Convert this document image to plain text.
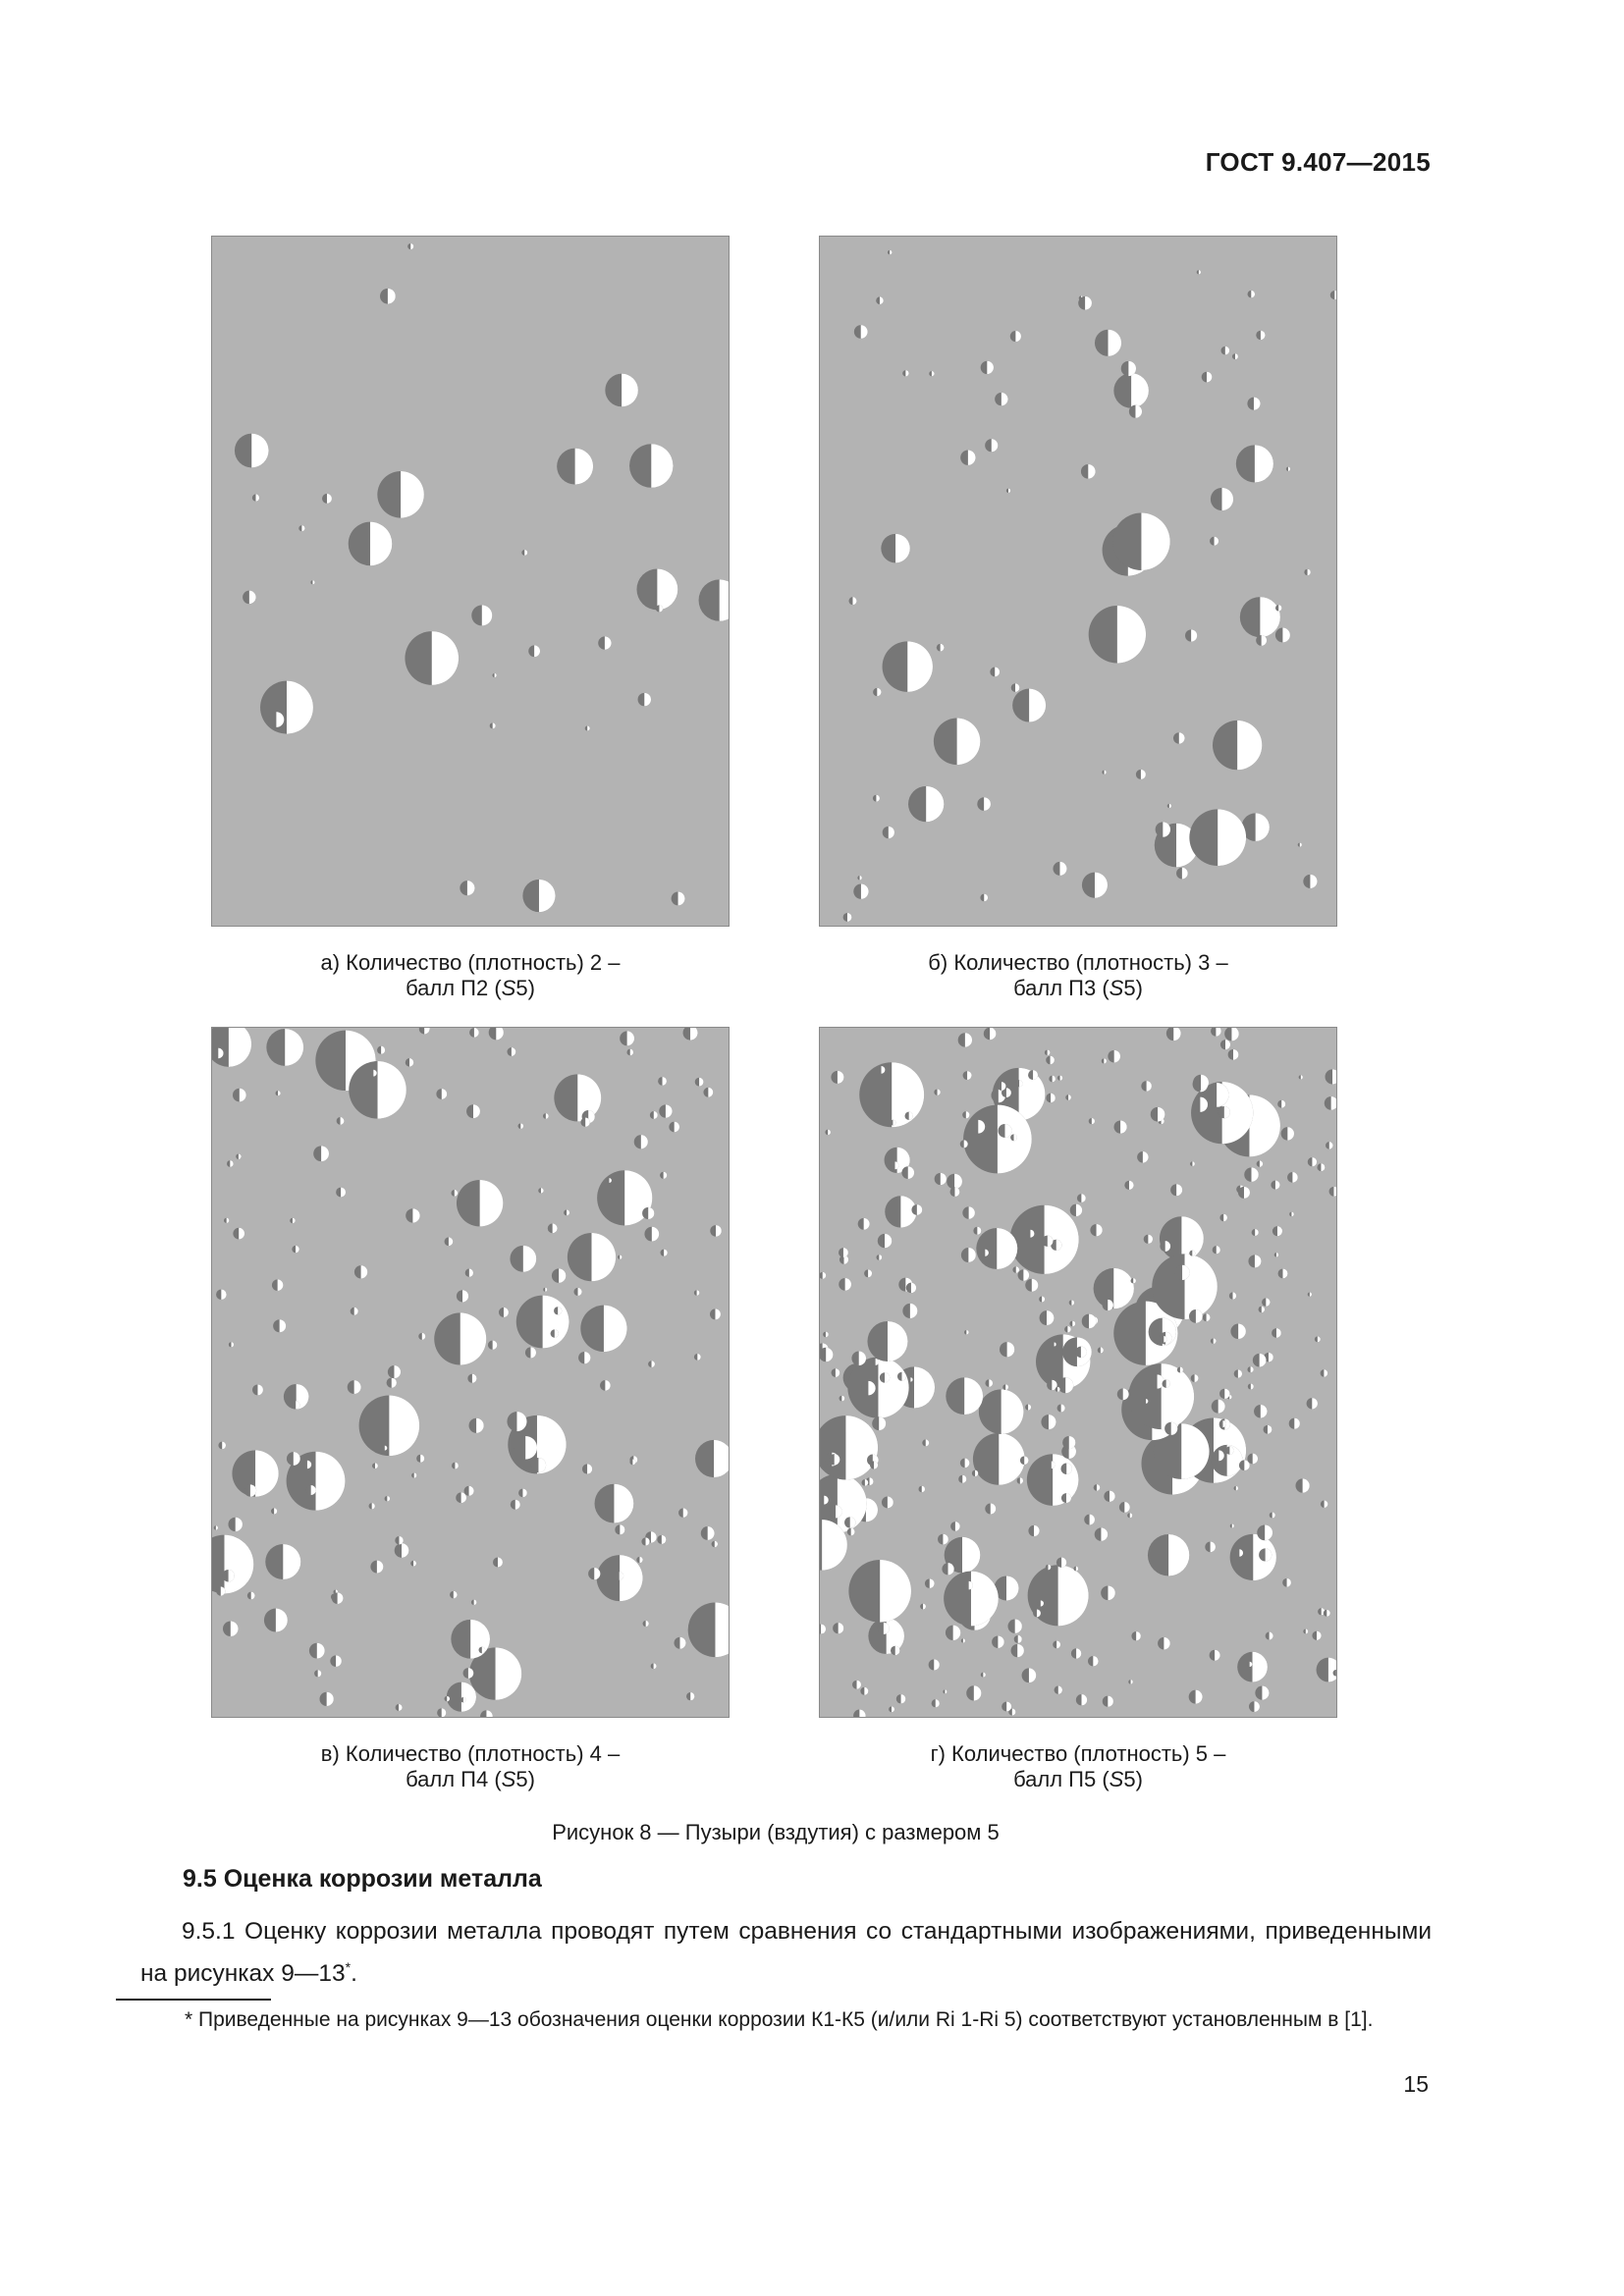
ГОСТ 9.407—2015
а) Количество (плотность) 2 –
балл П2 (S5)
б) Количество (плотность) 3 –
балл П3 (S5)
в) Количество (плотность) 4 –
балл П4 (S5)
г) Количество (плотность) 5 –
балл П5 (S5)
Рисунок 8 — Пузыри (вздутия) с размером 5
9.5 Оценка коррозии металла
9.5.1 Оценку коррозии металла проводят путем сравнения со стандартными изображениями, приведенными на рисунках 9—13*.
* Приведенные на рисунках 9—13 обозначения оценки коррозии К1-К5 (и/или Ri 1-Ri 5) соответствуют установленным в [1].
15
